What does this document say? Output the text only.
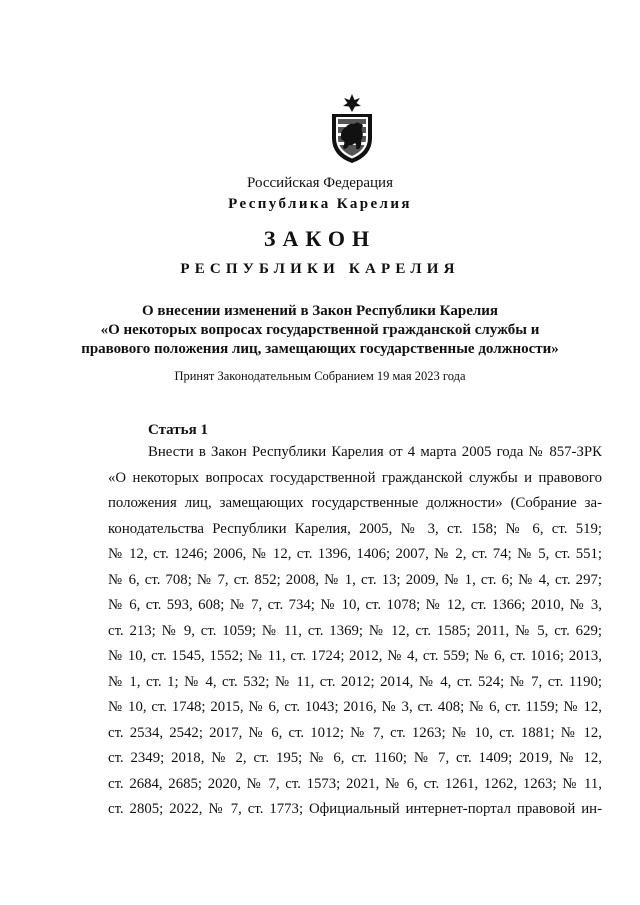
Российская Федерация
Республика Карелия
ЗАКОН
РЕСПУБЛИКИ КАРЕЛИЯ
О внесении изменений в Закон Республики Карелия
«О некоторых вопросах государственной гражданской службы и
правового положения лиц, замещающих государственные должности»
Принят Законодательным Собранием 19 мая 2023 года
Статья 1
Внести в Закон Республики Карелия от 4 марта 2005 года № 857-ЗРК
«О некоторых вопросах государственной гражданской службы и правового
положения лиц, замещающих государственные должности» (Собрание за-
конодательства Республики Карелия, 2005, № 3, ст. 158; № 6, ст. 519;
№ 12, ст. 1246; 2006, № 12, ст. 1396, 1406; 2007, № 2, ст. 74; № 5, ст. 551;
№ 6, ст. 708; № 7, ст. 852; 2008, № 1, ст. 13; 2009, № 1, ст. 6; № 4, ст. 297;
№ 6, ст. 593, 608; № 7, ст. 734; № 10, ст. 1078; № 12, ст. 1366; 2010, № 3,
ст. 213; № 9, ст. 1059; № 11, ст. 1369; № 12, ст. 1585; 2011, № 5, ст. 629;
№ 10, ст. 1545, 1552; № 11, ст. 1724; 2012, № 4, ст. 559; № 6, ст. 1016; 2013,
№ 1, ст. 1; № 4, ст. 532; № 11, ст. 2012; 2014, № 4, ст. 524; № 7, ст. 1190;
№ 10, ст. 1748; 2015, № 6, ст. 1043; 2016, № 3, ст. 408; № 6, ст. 1159; № 12,
ст. 2534, 2542; 2017, № 6, ст. 1012; № 7, ст. 1263; № 10, ст. 1881; № 12,
ст. 2349; 2018, № 2, ст. 195; № 6, ст. 1160; № 7, ст. 1409; 2019, № 12,
ст. 2684, 2685; 2020, № 7, ст. 1573; 2021, № 6, ст. 1261, 1262, 1263; № 11,
ст. 2805; 2022, № 7, ст. 1773; Официальный интернет-портал правовой ин-
